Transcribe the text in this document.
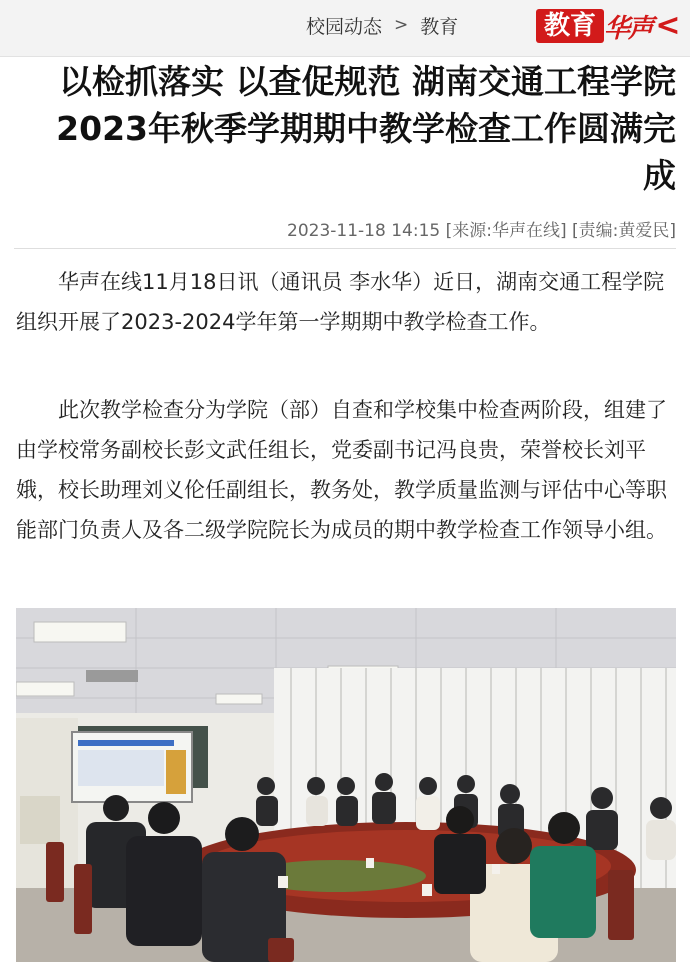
校园动态 > 教育	教育 华声 <
以检抓落实 以查促规范 湖南交通工程学院2023年秋季学期期中教学检查工作圆满完成
2023-11-18 14:15 [来源:华声在线] [责编:黄爱民]

华声在线11月18日讯（通讯员 李水华）近日，湖南交通工程学院组织开展了2023-2024学年第一学期期中教学检查工作。

此次教学检查分为学院（部）自查和学校集中检查两阶段，组建了由学校常务副校长彭文武任组长，党委副书记冯良贵，荣誉校长刘平娥，校长助理刘义伦任副组长，教务处，教学质量监测与评估中心等职能部门负责人及各二级学院院长为成员的期中教学检查工作领导小组。
